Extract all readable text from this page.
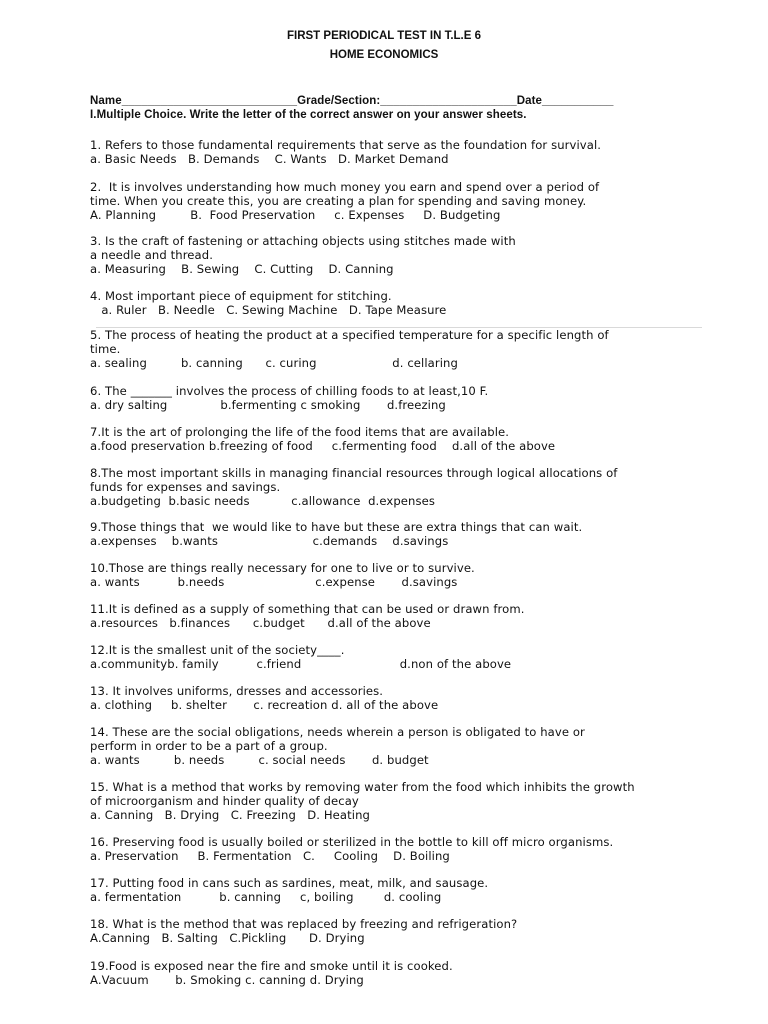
FIRST PERIODICAL TEST IN T.L.E 6
HOME ECONOMICS
Name___________________________Grade/Section:_____________________Date___________
I.Multiple Choice. Write the letter of the correct answer on your answer sheets.
1. Refers to those fundamental requirements that serve as the foundation for survival.
a. Basic Needs   B. Demands    C. Wants   D. Market Demand
2.  It is involves understanding how much money you earn and spend over a period of
time. When you create this, you are creating a plan for spending and saving money.
A. Planning         B.  Food Preservation     c. Expenses     D. Budgeting
3. Is the craft of fastening or attaching objects using stitches made with
a needle and thread.
a. Measuring    B. Sewing    C. Cutting    D. Canning
4. Most important piece of equipment for stitching.
a. Ruler   B. Needle   C. Sewing Machine   D. Tape Measure
5. The process of heating the product at a specified temperature for a specific length of
time.
a. sealing         b. canning      c. curing                    d. cellaring
6. The _______ involves the process of chilling foods to at least,10 F.
a. dry salting              b.fermenting c smoking       d.freezing
7.It is the art of prolonging the life of the food items that are available.
a.food preservation b.freezing of food     c.fermenting food    d.all of the above
8.The most important skills in managing financial resources through logical allocations of
funds for expenses and savings.
a.budgeting  b.basic needs           c.allowance  d.expenses
9.Those things that  we would like to have but these are extra things that can wait.
a.expenses    b.wants                         c.demands    d.savings
10.Those are things really necessary for one to live or to survive.
a. wants          b.needs                        c.expense       d.savings
11.It is defined as a supply of something that can be used or drawn from.
a.resources   b.finances      c.budget      d.all of the above
12.It is the smallest unit of the society____.
a.communityb. family          c.friend                          d.non of the above
13. It involves uniforms, dresses and accessories.
a. clothing     b. shelter       c. recreation d. all of the above
14. These are the social obligations, needs wherein a person is obligated to have or
perform in order to be a part of a group.
a. wants         b. needs         c. social needs       d. budget
15. What is a method that works by removing water from the food which inhibits the growth
of microorganism and hinder quality of decay
a. Canning   B. Drying   C. Freezing   D. Heating
16. Preserving food is usually boiled or sterilized in the bottle to kill off micro organisms.
a. Preservation     B. Fermentation   C.     Cooling    D. Boiling
17. Putting food in cans such as sardines, meat, milk, and sausage.
a. fermentation          b. canning     c, boiling        d. cooling
18. What is the method that was replaced by freezing and refrigeration?
A.Canning   B. Salting   C.Pickling      D. Drying
19.Food is exposed near the fire and smoke until it is cooked.
A.Vacuum       b. Smoking c. canning d. Drying
